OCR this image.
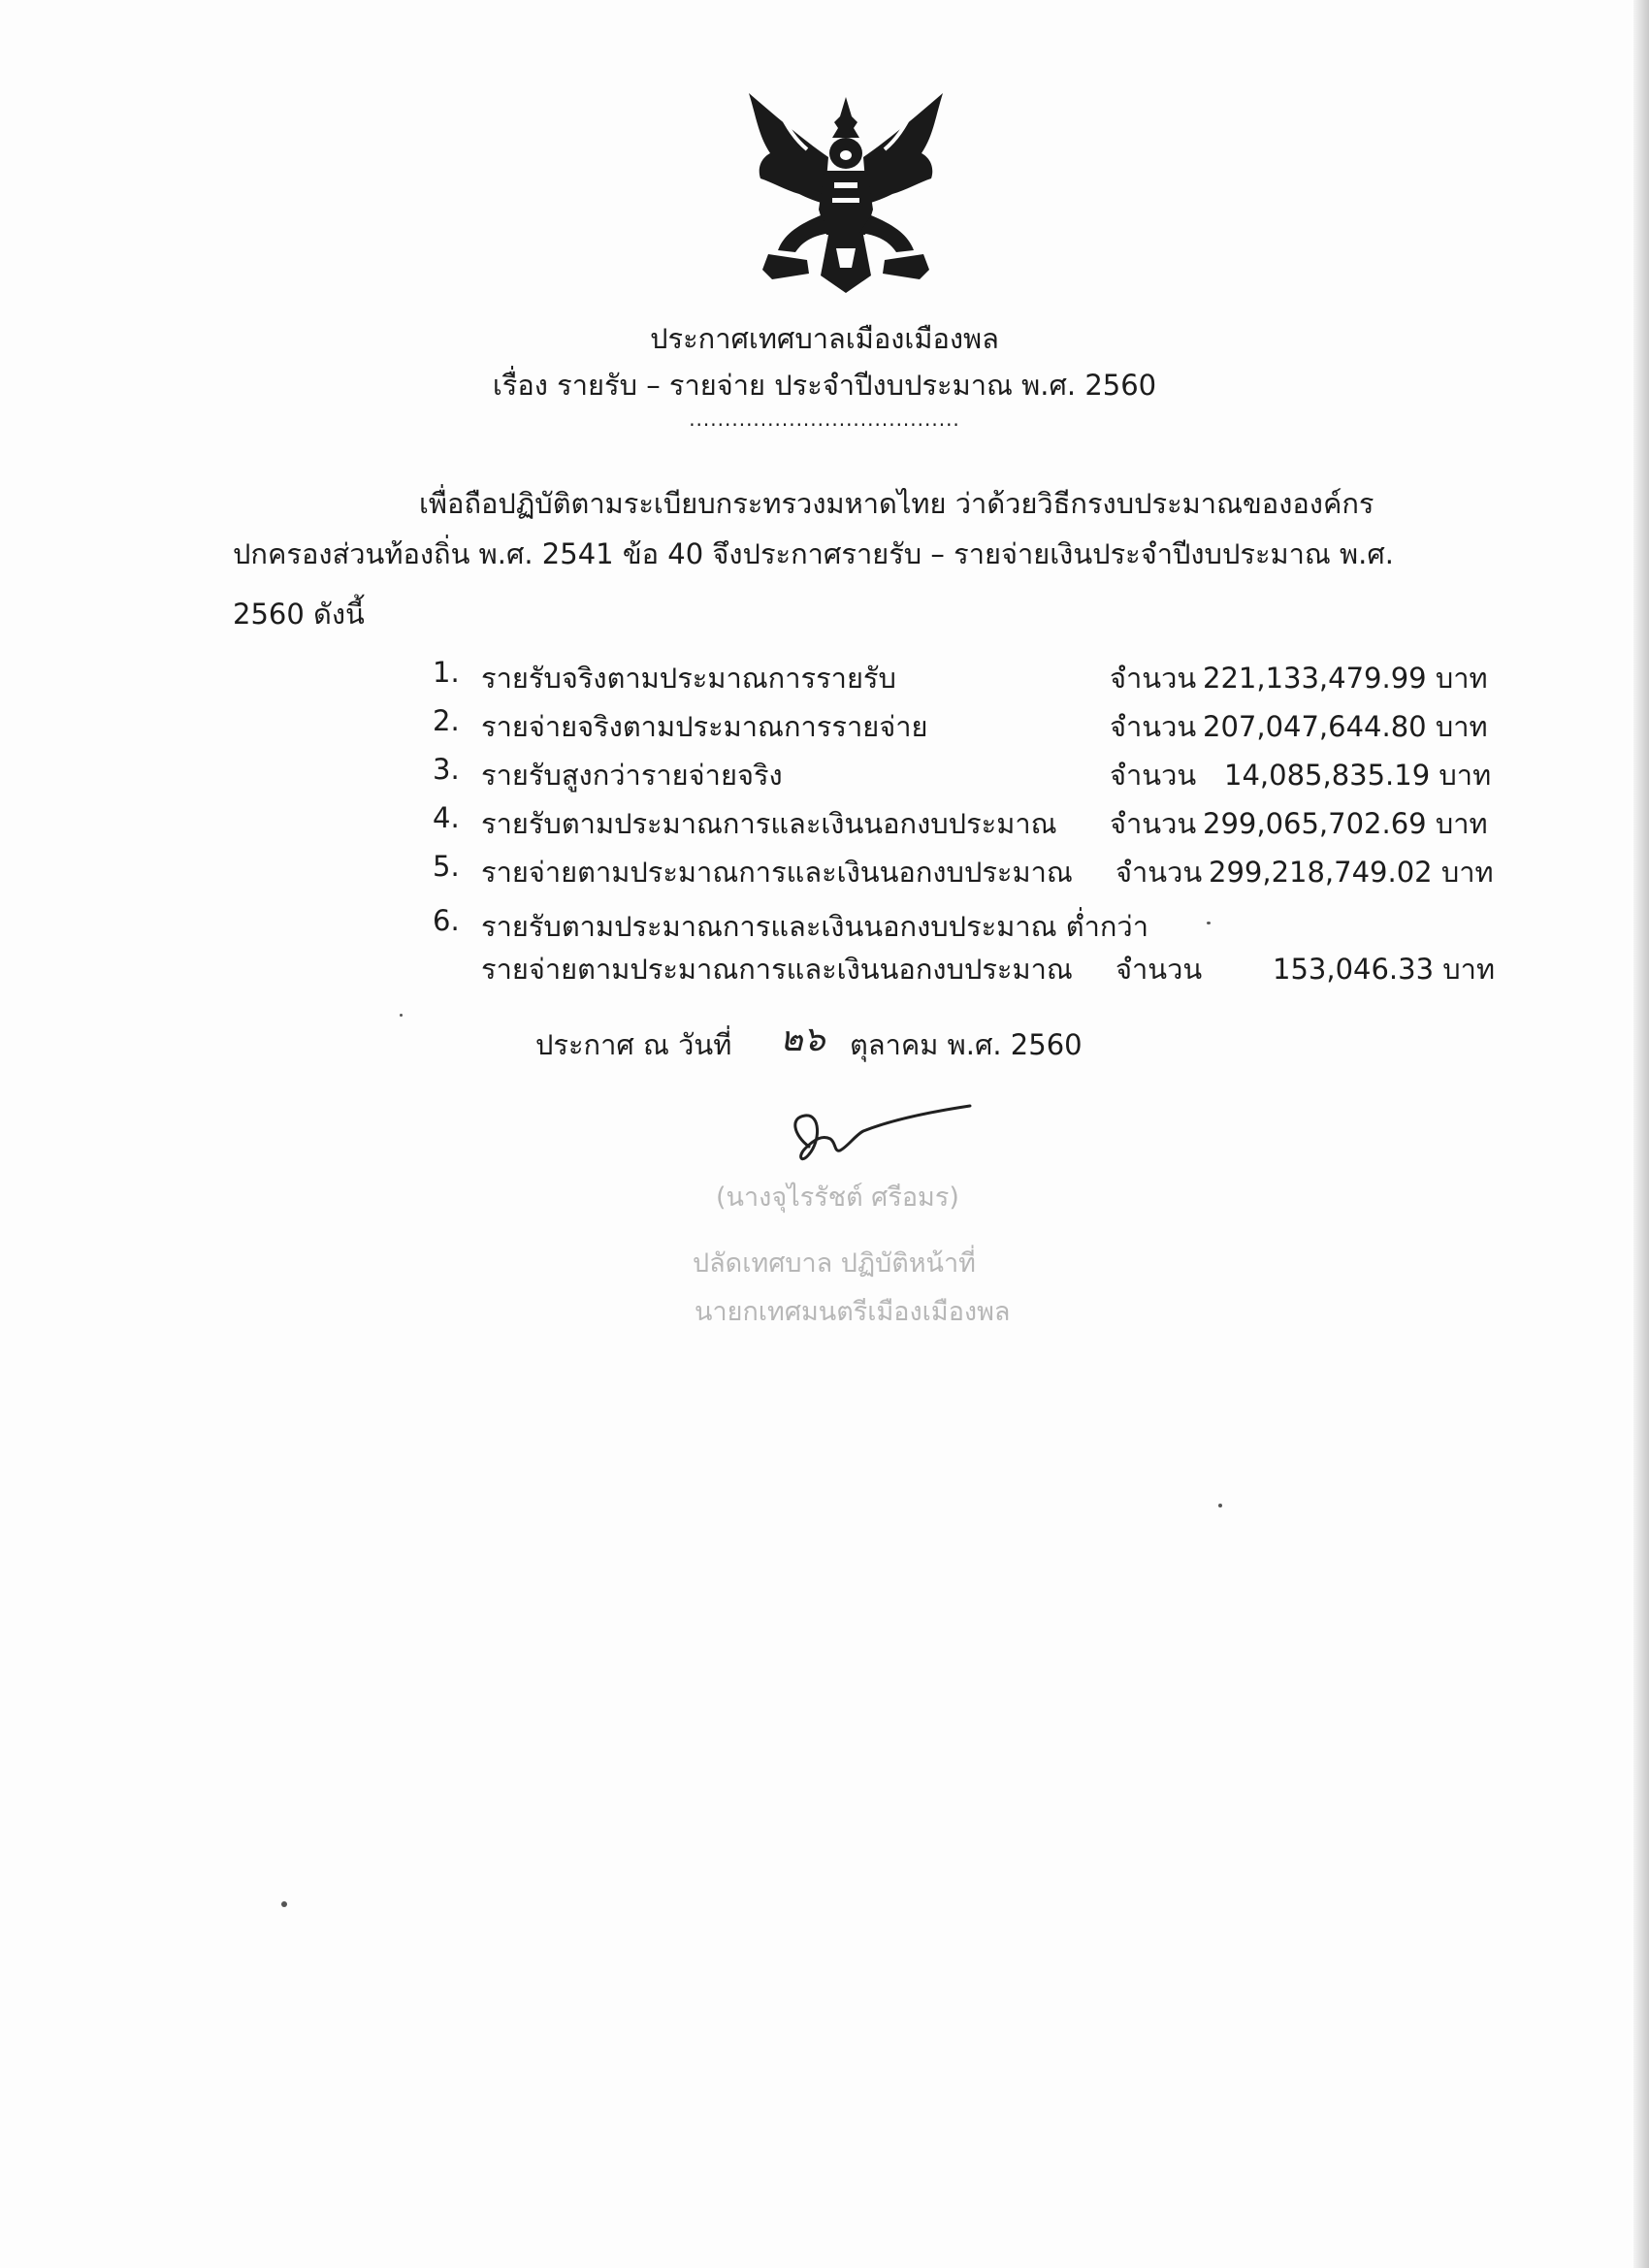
ประกาศเทศบาลเมืองเมืองพล
เรื่อง รายรับ – รายจ่าย ประจำปีงบประมาณ พ.ศ. 2560
......................................
เพื่อถือปฏิบัติตามระเบียบกระทรวงมหาดไทย ว่าด้วยวิธีกรงบประมาณขององค์กร
ปกครองส่วนท้องถิ่น พ.ศ. 2541 ข้อ 40 จึงประกาศรายรับ – รายจ่ายเงินประจำปีงบประมาณ พ.ศ.
2560 ดังนี้
1. รายรับจริงตามประมาณการรายรับ	จำนวน 221,133,479.99 บาท
2. รายจ่ายจริงตามประมาณการรายจ่าย	จำนวน 207,047,644.80 บาท
3. รายรับสูงกว่ารายจ่ายจริง	จำนวน 14,085,835.19 บาท
4. รายรับตามประมาณการและเงินนอกงบประมาณ จำนวน 299,065,702.69 บาท
5. รายจ่ายตามประมาณการและเงินนอกงบประมาณ จำนวน 299,218,749.02 บาท
6. รายรับตามประมาณการและเงินนอกงบประมาณ ต่ำกว่า
รายจ่ายตามประมาณการและเงินนอกงบประมาณ จำนวน	153,046.33 บาท
ประกาศ ณ วันที่ ๒๖ ตุลาคม พ.ศ. 2560
(นางจุไรรัชต์ ศรีอมร)
ปลัดเทศบาล ปฏิบัติหน้าที่
นายกเทศมนตรีเมืองเมืองพล
